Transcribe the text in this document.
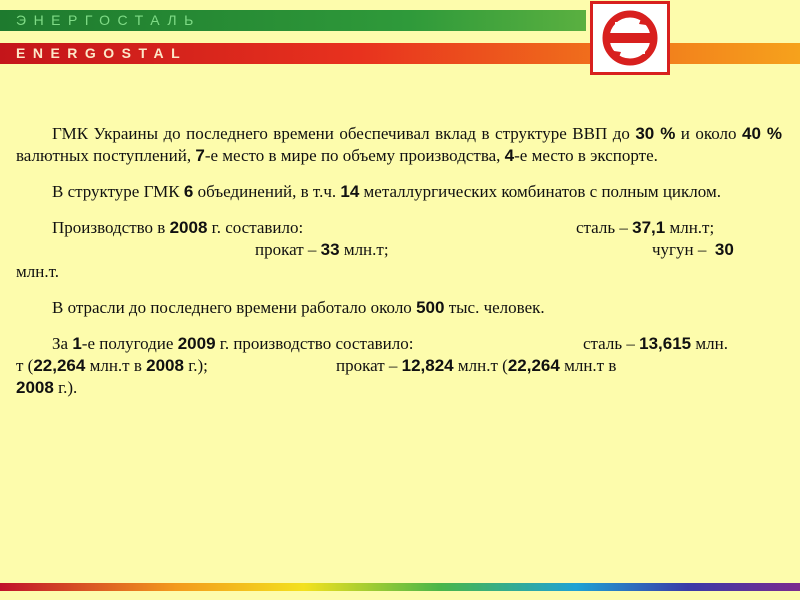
ЭНЕРГОСТАЛЬ
ENERGOSTAL

ГМК Украины до последнего времени обеспечивал вклад в структуре ВВП до 30 % и около 40 % валютных поступлений, 7-е место в мире по объему производства, 4-е место в экспорте.

В структуре ГМК 6 объединений, в т.ч. 14 металлургических комбинатов с полным циклом.

Производство в 2008 г. составило:	сталь – 37,1 млн.т;
прокат – 33 млн.т;	чугун – 30
млн.т.

В отрасли до последнего времени работало около 500 тыс. человек.

За 1-е полугодие 2009 г. производство составило:	сталь – 13,615 млн.
т (22,264 млн.т в 2008 г.);	прокат – 12,824 млн.т (22,264 млн.т в
2008 г.).
